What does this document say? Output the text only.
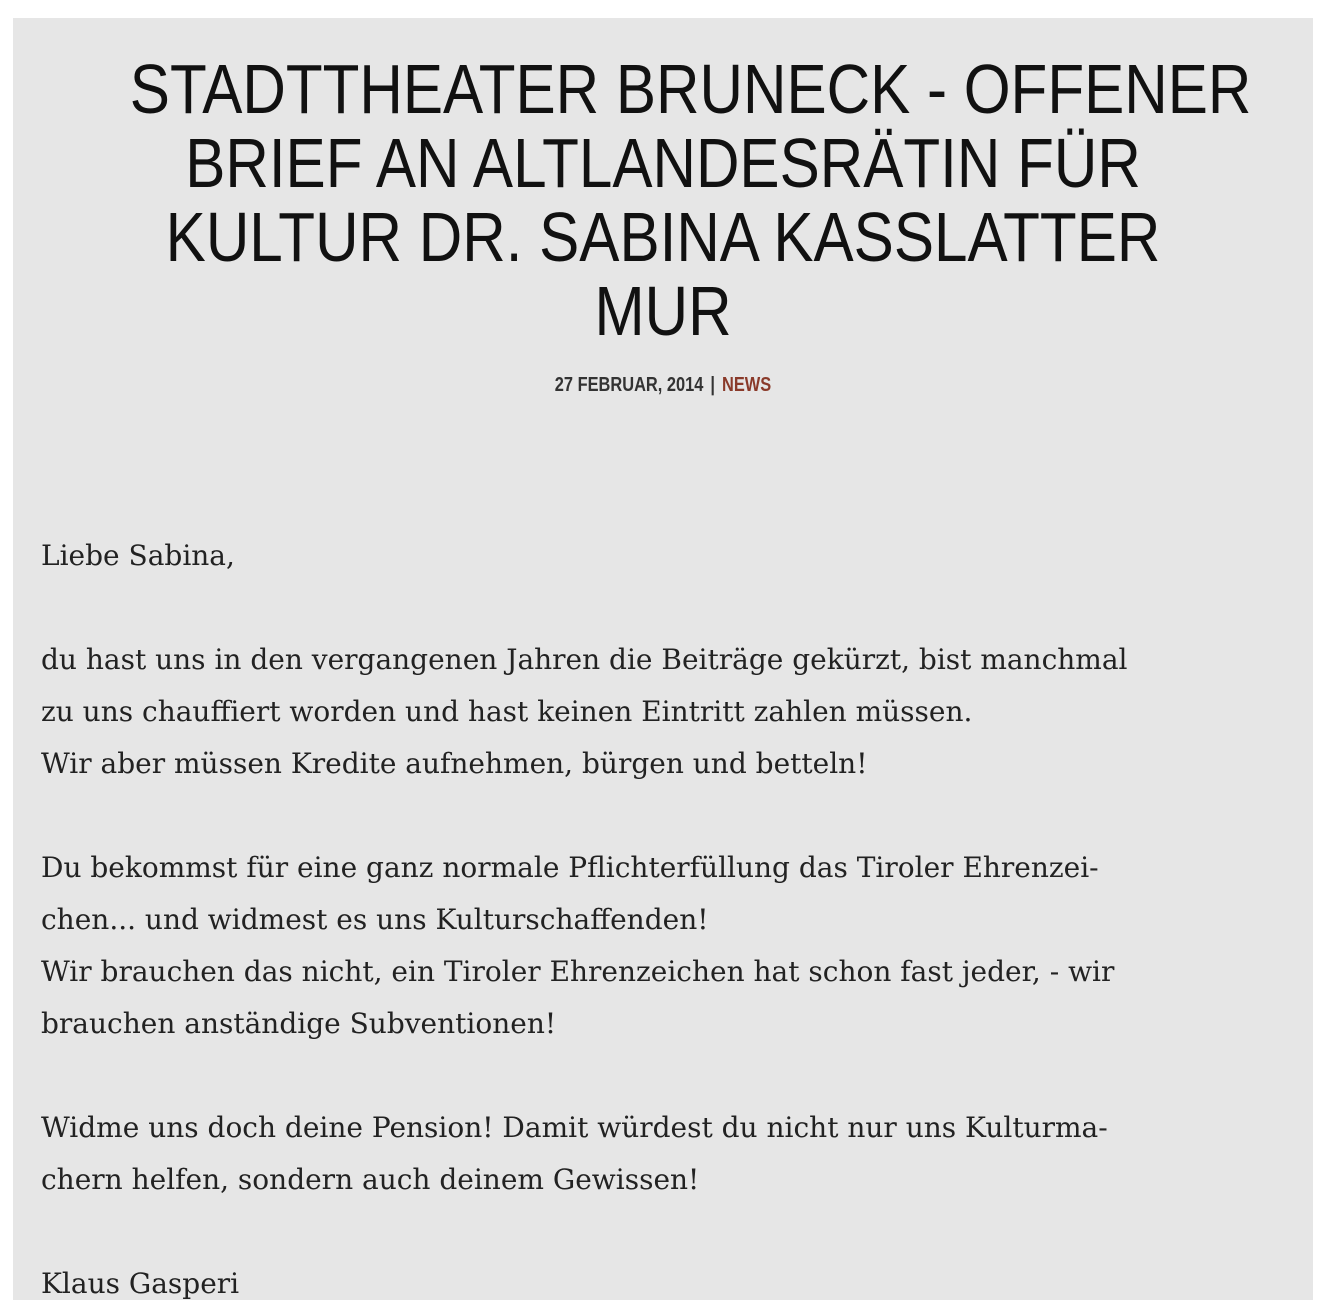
STADTTHEATER BRUNECK - OFFENER
BRIEF AN ALTLANDESRÄTIN FÜR
KULTUR DR. SABINA KASSLATTER
MUR
27 FEBRUAR, 2014 | NEWS

Liebe Sabina,

du hast uns in den vergangenen Jahren die Beiträge gekürzt, bist manchmal
zu uns chauffiert worden und hast keinen Eintritt zahlen müssen.
Wir aber müssen Kredite aufnehmen, bürgen und betteln!

Du bekommst für eine ganz normale Pflichterfüllung das Tiroler Ehrenzei-
chen... und widmest es uns Kulturschaffenden!
Wir brauchen das nicht, ein Tiroler Ehrenzeichen hat schon fast jeder, - wir
brauchen anständige Subventionen!

Widme uns doch deine Pension! Damit würdest du nicht nur uns Kulturma-
chern helfen, sondern auch deinem Gewissen!

Klaus Gasperi
